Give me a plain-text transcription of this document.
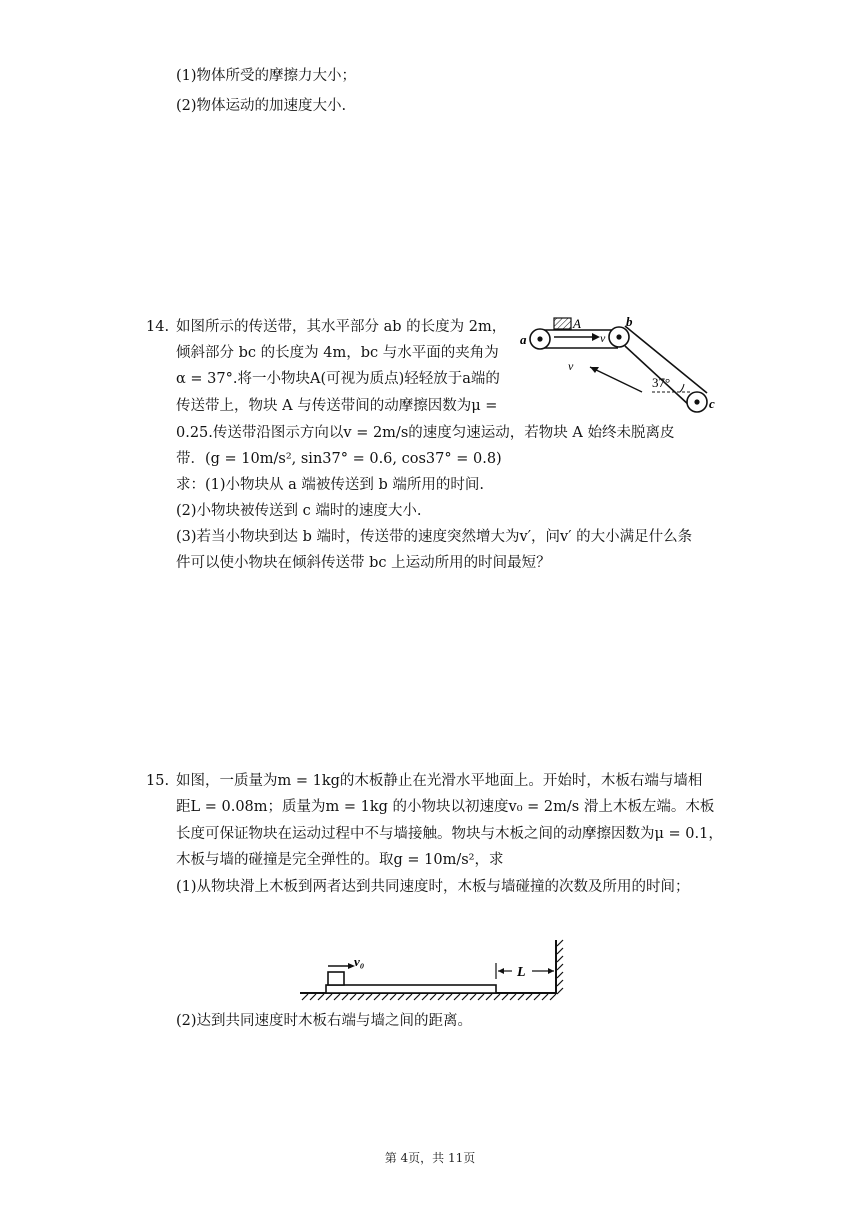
(1)物体所受的摩擦力大小；
(2)物体运动的加速度大小.
14. 如图所示的传送带，其水平部分 ab 的长度为 2m，
倾斜部分 bc 的长度为 4m，bc 与水平面的夹角为
α = 37°.将一小物块A(可视为质点)轻轻放于a端的
传送带上，物块 A 与传送带间的动摩擦因数为μ =
0.25.传送带沿图示方向以v = 2m/s的速度匀速运动，若物块 A 始终未脱离皮
带．(g = 10m/s², sin37° = 0.6, cos37° = 0.8)
求：(1)小物块从 a 端被传送到 b 端所用的时间.
(2)小物块被传送到 c 端时的速度大小.
(3)若当小物块到达 b 端时，传送带的速度突然增大为v′，问v′ 的大小满足什么条
件可以使小物块在倾斜传送带 bc 上运动所用的时间最短？
A
v
v
a
b
c
37°
15. 如图，一质量为m = 1kg的木板静止在光滑水平地面上。开始时，木板右端与墙相
距L = 0.08m；质量为m = 1kg 的小物块以初速度v₀ = 2m/s 滑上木板左端。木板
长度可保证物块在运动过程中不与墙接触。物块与木板之间的动摩擦因数为μ = 0.1，
木板与墙的碰撞是完全弹性的。取g = 10m/s²，求
(1)从物块滑上木板到两者达到共同速度时，木板与墙碰撞的次数及所用的时间；
v₀
L
(2)达到共同速度时木板右端与墙之间的距离。
第 4页，共 11页
